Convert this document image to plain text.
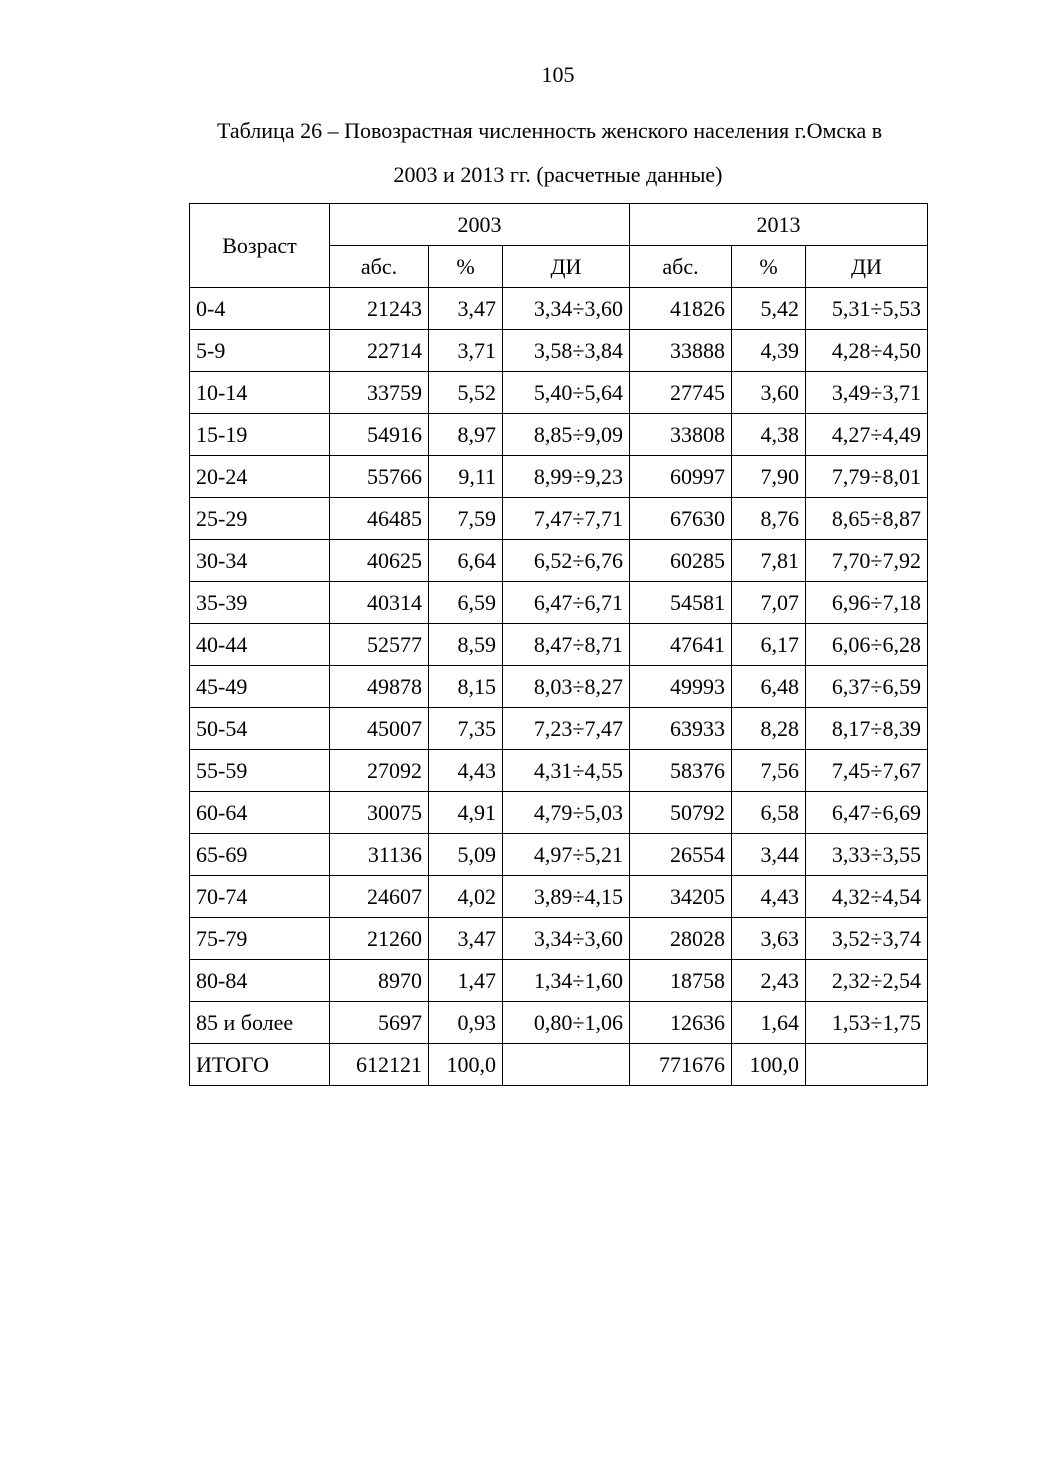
105
Таблица 26 – Повозрастная численность женского населения г.Омска в
2003 и 2013 гг. (расчетные данные)
Возраст	2003			2013		
	абс.	%	ДИ	абс.	%	ДИ
0-4	21243	3,47	3,34÷3,60	41826	5,42	5,31÷5,53
5-9	22714	3,71	3,58÷3,84	33888	4,39	4,28÷4,50
10-14	33759	5,52	5,40÷5,64	27745	3,60	3,49÷3,71
15-19	54916	8,97	8,85÷9,09	33808	4,38	4,27÷4,49
20-24	55766	9,11	8,99÷9,23	60997	7,90	7,79÷8,01
25-29	46485	7,59	7,47÷7,71	67630	8,76	8,65÷8,87
30-34	40625	6,64	6,52÷6,76	60285	7,81	7,70÷7,92
35-39	40314	6,59	6,47÷6,71	54581	7,07	6,96÷7,18
40-44	52577	8,59	8,47÷8,71	47641	6,17	6,06÷6,28
45-49	49878	8,15	8,03÷8,27	49993	6,48	6,37÷6,59
50-54	45007	7,35	7,23÷7,47	63933	8,28	8,17÷8,39
55-59	27092	4,43	4,31÷4,55	58376	7,56	7,45÷7,67
60-64	30075	4,91	4,79÷5,03	50792	6,58	6,47÷6,69
65-69	31136	5,09	4,97÷5,21	26554	3,44	3,33÷3,55
70-74	24607	4,02	3,89÷4,15	34205	4,43	4,32÷4,54
75-79	21260	3,47	3,34÷3,60	28028	3,63	3,52÷3,74
80-84	8970	1,47	1,34÷1,60	18758	2,43	2,32÷2,54
85 и более	5697	0,93	0,80÷1,06	12636	1,64	1,53÷1,75
ИТОГО	612121	100,0		771676	100,0	
